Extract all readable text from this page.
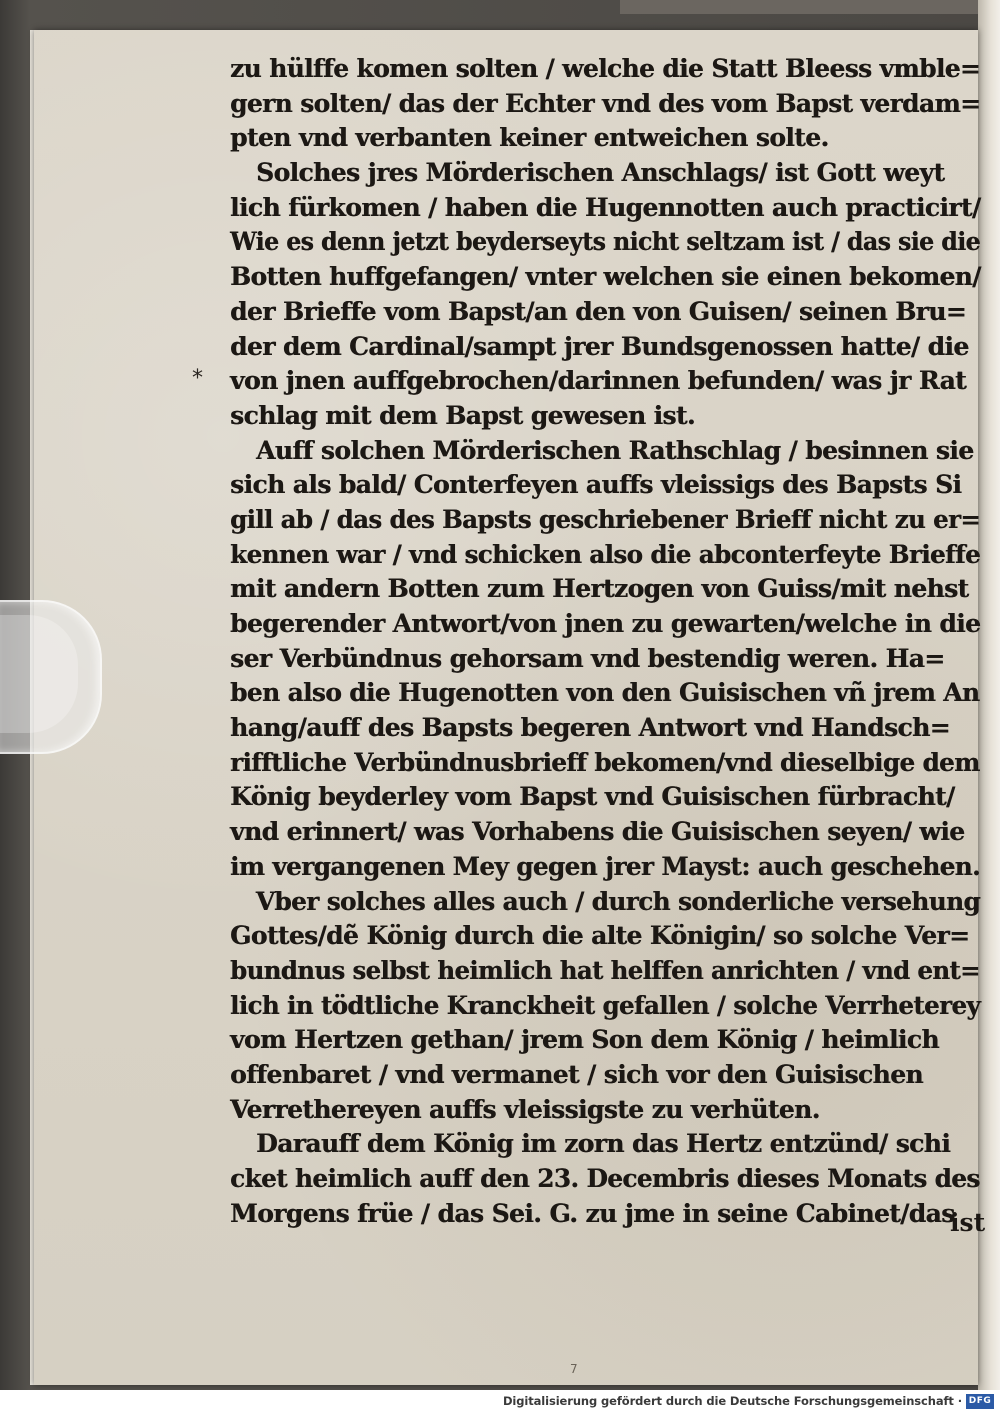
*
zu hülffe komen solten / welche die Statt Bleess vmble=
gern solten/ das der Echter vnd des vom Bapst verdam=
pten vnd verbanten keiner entweichen solte.
Solches jres Mörderischen Anschlags/ ist Gott weyt
lich fürkomen / haben die Hugennotten auch practicirt/
Wie es denn jetzt beyderseyts nicht seltzam ist / das sie die
Botten huffgefangen/ vnter welchen sie einen bekomen/
der Brieffe vom Bapst/an den von Guisen/ seinen Bru=
der dem Cardinal/sampt jrer Bundsgenossen hatte/ die
von jnen auffgebrochen/darinnen befunden/ was jr Rat
schlag mit dem Bapst gewesen ist.
Auff solchen Mörderischen Rathschlag / besinnen sie
sich als bald/ Conterfeyen auffs vleissigs des Bapsts Si
gill ab / das des Bapsts geschriebener Brieff nicht zu er=
kennen war / vnd schicken also die abconterfeyte Brieffe
mit andern Botten zum Hertzogen von Guiss/mit nehst
begerender Antwort/von jnen zu gewarten/welche in die
ser Verbündnus gehorsam vnd bestendig weren. Ha=
ben also die Hugenotten von den Guisischen vñ jrem An
hang/auff des Bapsts begeren Antwort vnd Handsch=
rifftliche Verbündnusbrieff bekomen/vnd dieselbige dem
König beyderley vom Bapst vnd Guisischen fürbracht/
vnd erinnert/ was Vorhabens die Guisischen seyen/ wie
im vergangenen Mey gegen jrer Mayst: auch geschehen.
Vber solches alles auch / durch sonderliche versehung
Gottes/dẽ König durch die alte Königin/ so solche Ver=
bundnus selbst heimlich hat helffen anrichten / vnd ent=
lich in tödtliche Kranckheit gefallen / solche Verrheterey
vom Hertzen gethan/ jrem Son dem König / heimlich
offenbaret / vnd vermanet / sich vor den Guisischen
Verrethereyen auffs vleissigste zu verhüten.
Darauff dem König im zorn das Hertz entzünd/ schi
cket heimlich auff den 23. Decembris dieses Monats des
Morgens früe / das Sei. G. zu jme in seine Cabinet/das
ist
7
Digitalisierung gefördert durch die Deutsche Forschungsgemeinschaft · DFG
